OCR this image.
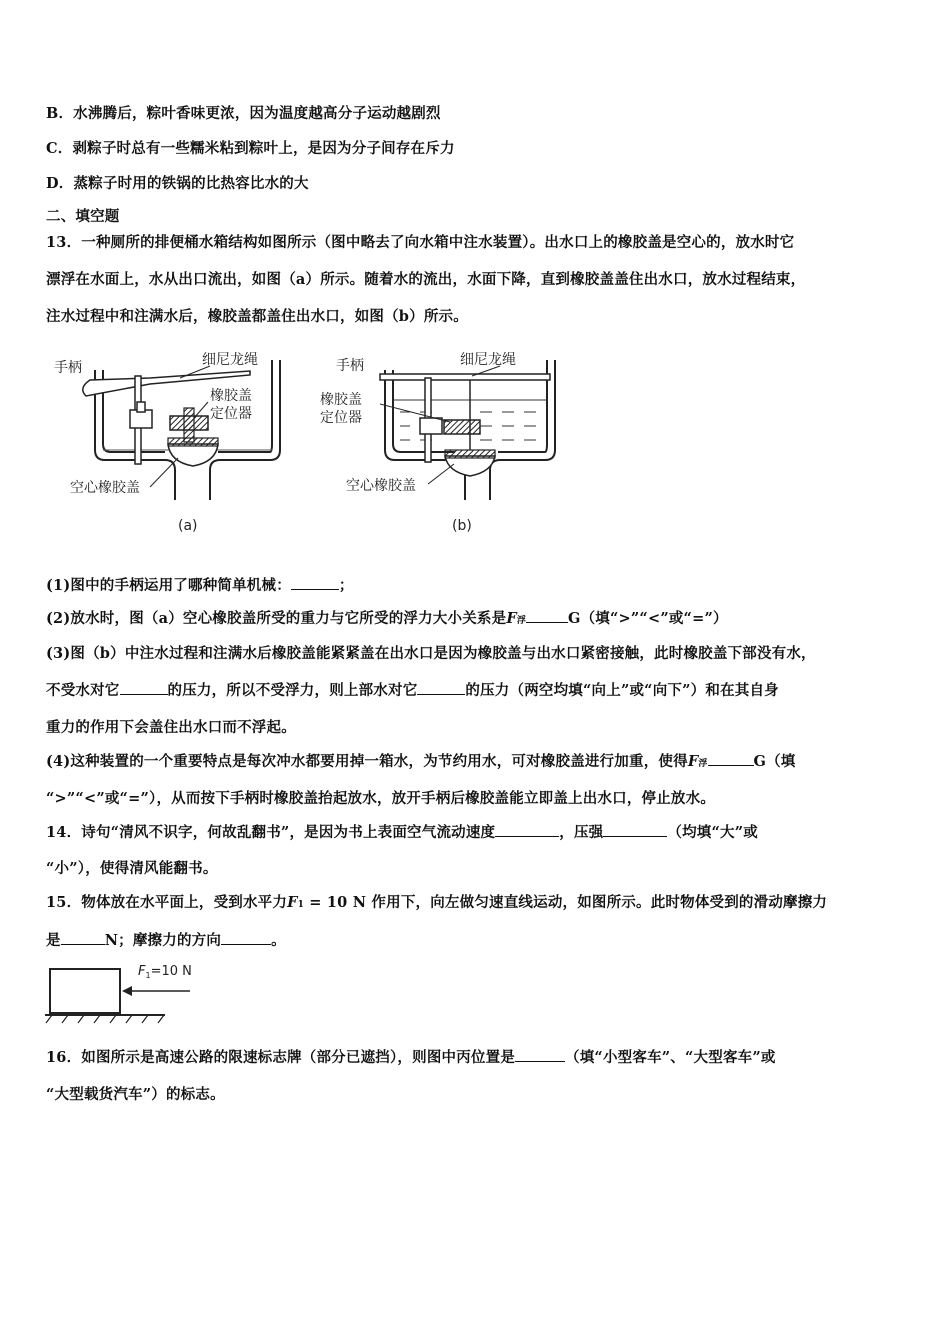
B．水沸腾后，粽叶香味更浓，因为温度越高分子运动越剧烈
C．剥粽子时总有一些糯米粘到粽叶上，是因为分子间存在斥力
D．蒸粽子时用的铁锅的比热容比水的大
二、填空题
13．一种厕所的排便桶水箱结构如图所示（图中略去了向水箱中注水装置）。出水口上的橡胶盖是空心的，放水时它
漂浮在水面上，水从出口流出，如图（a）所示。随着水的流出，水面下降，直到橡胶盖盖住出水口，放水过程结束，
注水过程中和注满水后，橡胶盖都盖住出水口，如图（b）所示。
手柄	细尼龙绳
橡胶盖
定位器
空心橡胶盖
(a)
手柄	细尼龙绳
橡胶盖
定位器
空心橡胶盖
(b)
(1)图中的手柄运用了哪种简单机械：	；
(2)放水时，图（a）空心橡胶盖所受的重力与它所受的浮力大小关系是F浮	G（填“>”“<”或“=”）
(3)图（b）中注水过程和注满水后橡胶盖能紧紧盖在出水口是因为橡胶盖与出水口紧密接触，此时橡胶盖下部没有水，
不受水对它	的压力，所以不受浮力，则上部水对它	的压力（两空均填“向上”或“向下”）和在其自身
重力的作用下会盖住出水口而不浮起。
(4)这种装置的一个重要特点是每次冲水都要用掉一箱水，为节约用水，可对橡胶盖进行加重，使得F浮	G（填
“>”“<”或“=”），从而按下手柄时橡胶盖抬起放水，放开手柄后橡胶盖能立即盖上出水口，停止放水。
14．诗句“清风不识字，何故乱翻书”，是因为书上表面空气流动速度	，压强	（均填“大”或
“小”），使得清风能翻书。
15．物体放在水平面上，受到水平力F1 = 10 N 作用下，向左做匀速直线运动，如图所示。此时物体受到的滑动摩擦力
是	N；摩擦力的方向	。
$F_1=10$ N
16．如图所示是高速公路的限速标志牌（部分已遮挡），则图中丙位置是	（填“小型客车”、“大型客车”或
“大型载货汽车”）的标志。
